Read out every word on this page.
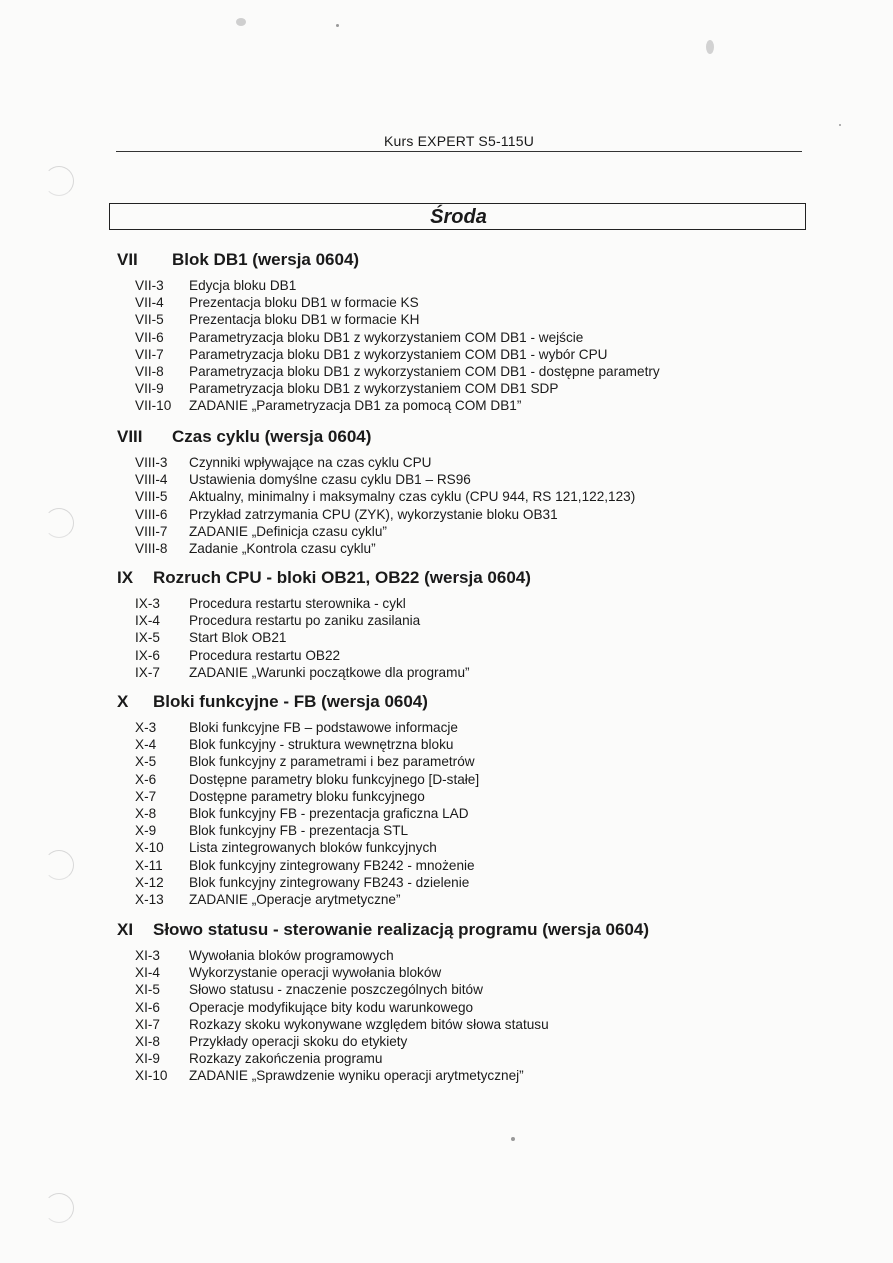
Kurs EXPERT S5-115U
Środa
VII Blok DB1 (wersja 0604)
VII-3 Edycja bloku DB1
VII-4 Prezentacja bloku DB1 w formacie KS
VII-5 Prezentacja bloku DB1 w formacie KH
VII-6 Parametryzacja bloku DB1 z wykorzystaniem COM DB1 - wejście
VII-7 Parametryzacja bloku DB1 z wykorzystaniem COM DB1 - wybór CPU
VII-8 Parametryzacja bloku DB1 z wykorzystaniem COM DB1 - dostępne parametry
VII-9 Parametryzacja bloku DB1 z wykorzystaniem COM DB1 SDP
VII-10 ZADANIE „Parametryzacja DB1 za pomocą COM DB1”
VIII Czas cyklu (wersja 0604)
VIII-3 Czynniki wpływające na czas cyklu CPU
VIII-4 Ustawienia domyślne czasu cyklu DB1 – RS96
VIII-5 Aktualny, minimalny i maksymalny czas cyklu (CPU 944, RS 121,122,123)
VIII-6 Przykład zatrzymania CPU (ZYK), wykorzystanie bloku OB31
VIII-7 ZADANIE „Definicja czasu cyklu”
VIII-8 Zadanie „Kontrola czasu cyklu”
IX Rozruch CPU - bloki OB21, OB22 (wersja 0604)
IX-3 Procedura restartu sterownika - cykl
IX-4 Procedura restartu po zaniku zasilania
IX-5 Start Blok OB21
IX-6 Procedura restartu OB22
IX-7 ZADANIE „Warunki początkowe dla programu”
X Bloki funkcyjne - FB (wersja 0604)
X-3 Bloki funkcyjne FB – podstawowe informacje
X-4 Blok funkcyjny - struktura wewnętrzna bloku
X-5 Blok funkcyjny z parametrami i bez parametrów
X-6 Dostępne parametry bloku funkcyjnego [D-stałe]
X-7 Dostępne parametry bloku funkcyjnego
X-8 Blok funkcyjny FB - prezentacja graficzna LAD
X-9 Blok funkcyjny FB - prezentacja STL
X-10 Lista zintegrowanych bloków funkcyjnych
X-11 Blok funkcyjny zintegrowany FB242 - mnożenie
X-12 Blok funkcyjny zintegrowany FB243 - dzielenie
X-13 ZADANIE „Operacje arytmetyczne”
XI Słowo statusu - sterowanie realizacją programu (wersja 0604)
XI-3 Wywołania bloków programowych
XI-4 Wykorzystanie operacji wywołania bloków
XI-5 Słowo statusu - znaczenie poszczególnych bitów
XI-6 Operacje modyfikujące bity kodu warunkowego
XI-7 Rozkazy skoku wykonywane względem bitów słowa statusu
XI-8 Przykłady operacji skoku do etykiety
XI-9 Rozkazy zakończenia programu
XI-10 ZADANIE „Sprawdzenie wyniku operacji arytmetycznej”
